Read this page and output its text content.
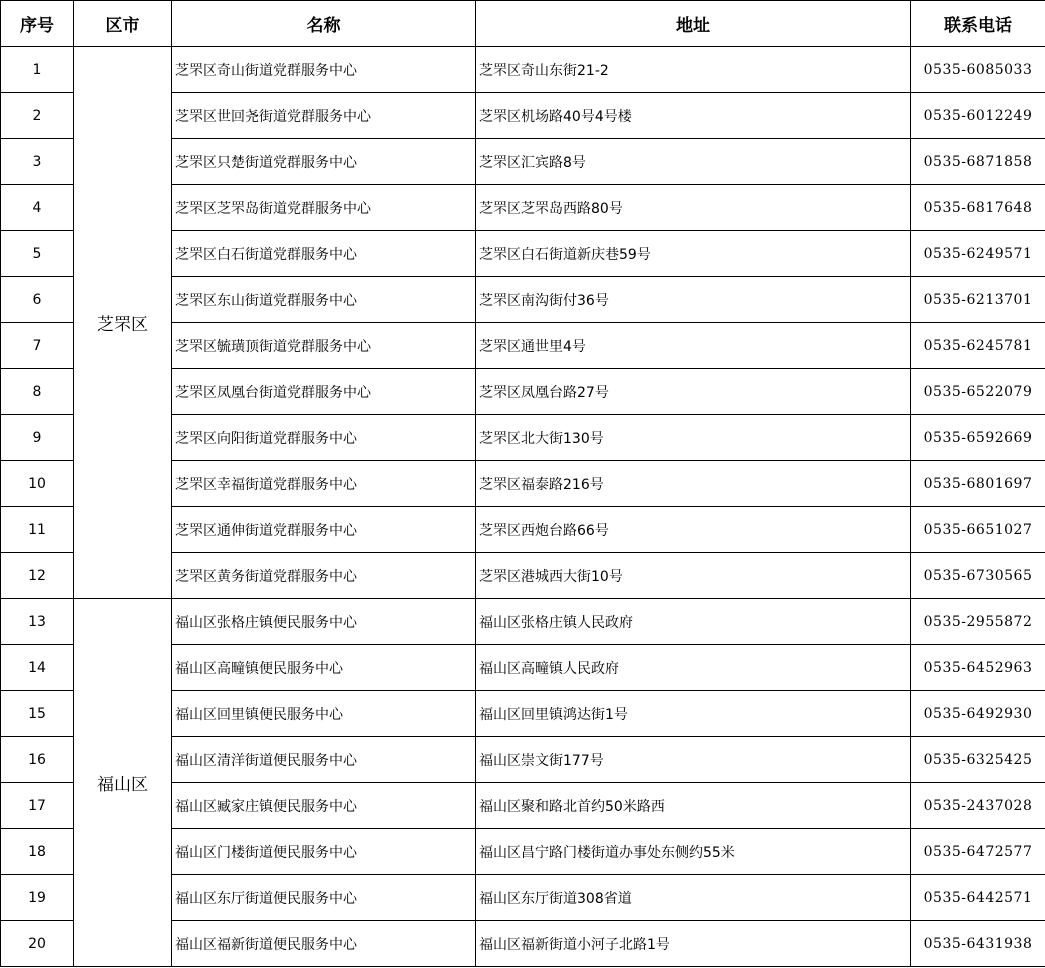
序号	区市	名称	地址	联系电话
1	芝罘区	芝罘区奇山街道党群服务中心	芝罘区奇山东街21-2	0535-6085033
2		芝罘区世回尧街道党群服务中心	芝罘区机场路40号4号楼	0535-6012249
3		芝罘区只楚街道党群服务中心	芝罘区汇宾路8号	0535-6871858
4		芝罘区芝罘岛街道党群服务中心	芝罘区芝罘岛西路80号	0535-6817648
5		芝罘区白石街道党群服务中心	芝罘区白石街道新庆巷59号	0535-6249571
6		芝罘区东山街道党群服务中心	芝罘区南沟街付36号	0535-6213701
7		芝罘区毓璜顶街道党群服务中心	芝罘区通世里4号	0535-6245781
8		芝罘区凤凰台街道党群服务中心	芝罘区凤凰台路27号	0535-6522079
9		芝罘区向阳街道党群服务中心	芝罘区北大街130号	0535-6592669
10		芝罘区幸福街道党群服务中心	芝罘区福泰路216号	0535-6801697
11		芝罘区通伸街道党群服务中心	芝罘区西炮台路66号	0535-6651027
12		芝罘区黄务街道党群服务中心	芝罘区港城西大街10号	0535-6730565
13	福山区	福山区张格庄镇便民服务中心	福山区张格庄镇人民政府	0535-2955872
14		福山区高疃镇便民服务中心	福山区高疃镇人民政府	0535-6452963
15		福山区回里镇便民服务中心	福山区回里镇鸿达街1号	0535-6492930
16		福山区清洋街道便民服务中心	福山区崇文街177号	0535-6325425
17		福山区臧家庄镇便民服务中心	福山区聚和路北首约50米路西	0535-2437028
18		福山区门楼街道便民服务中心	福山区昌宁路门楼街道办事处东侧约55米	0535-6472577
19		福山区东厅街道便民服务中心	福山区东厅街道308省道	0535-6442571
20		福山区福新街道便民服务中心	福山区福新街道小河子北路1号	0535-6431938
